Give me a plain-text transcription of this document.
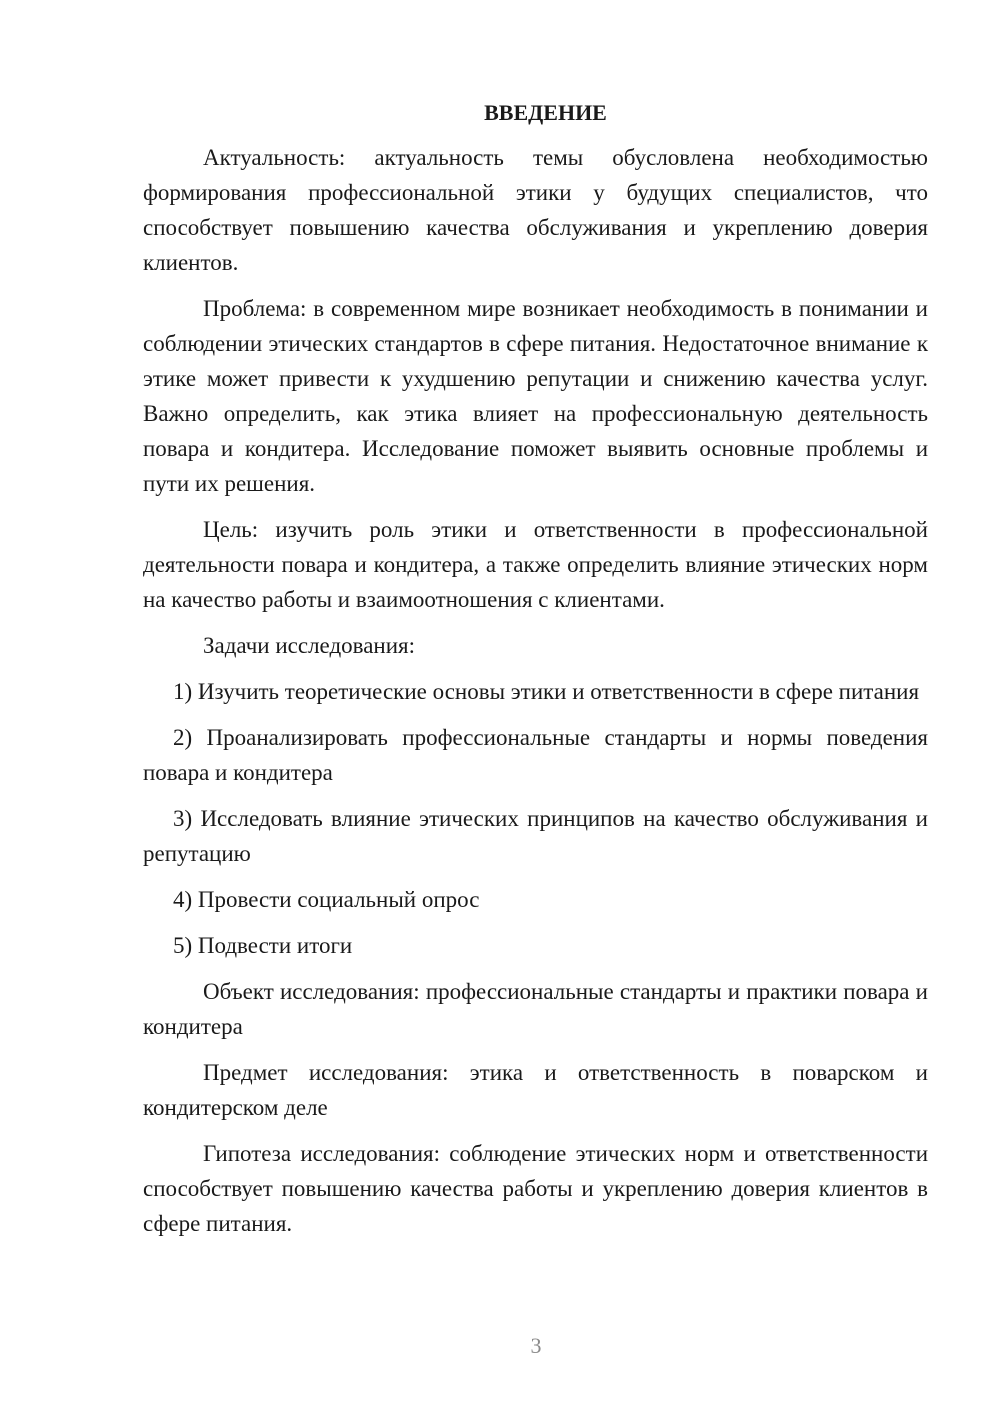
ВВЕДЕНИЕ

Актуальность: актуальность темы обусловлена необходимостью формирования профессиональной этики у будущих специалистов, что способствует повышению качества обслуживания и укреплению доверия клиентов.

Проблема: в современном мире возникает необходимость в понимании и соблюдении этических стандартов в сфере питания. Недостаточное внимание к этике может привести к ухудшению репутации и снижению качества услуг. Важно определить, как этика влияет на профессиональную деятельность повара и кондитера. Исследование поможет выявить основные проблемы и пути их решения.

Цель: изучить роль этики и ответственности в профессиональной деятельности повара и кондитера, а также определить влияние этических норм на качество работы и взаимоотношения с клиентами.

Задачи исследования:

1) Изучить теоретические основы этики и ответственности в сфере питания

2) Проанализировать профессиональные стандарты и нормы поведения повара и кондитера

3) Исследовать влияние этических принципов на качество обслуживания и репутацию

4) Провести социальный опрос

5) Подвести итоги

Объект исследования: профессиональные стандарты и практики повара и кондитера

Предмет исследования: этика и ответственность в поварском и кондитерском деле

Гипотеза исследования: соблюдение этических норм и ответственности способствует повышению качества работы и укреплению доверия клиентов в сфере питания.

3
